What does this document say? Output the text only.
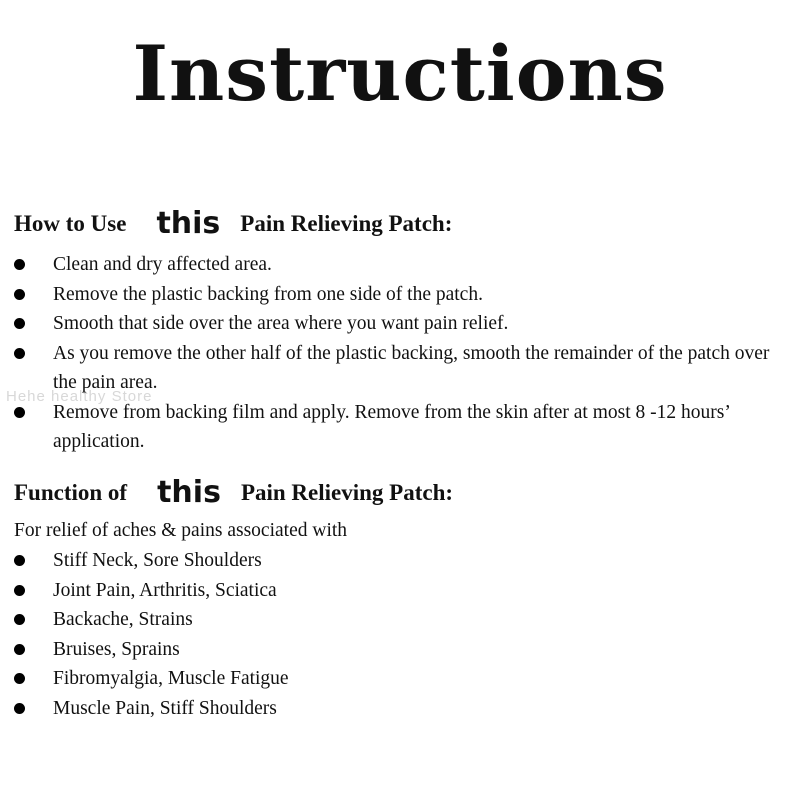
Instructions
How to Use this Pain Relieving Patch:
Hehe healthy Store
Clean and dry affected area.
Remove the plastic backing from one side of the patch.
Smooth that side over the area where you want pain relief.
As you remove the other half of the plastic backing, smooth the remainder of the patch over the pain area.
Remove from backing film and apply. Remove from the skin after at most 8 -12 hours’ application.
Function of this Pain Relieving Patch:
For relief of aches & pains associated with
Stiff Neck, Sore Shoulders
Joint Pain, Arthritis, Sciatica
Backache, Strains
Bruises, Sprains
Fibromyalgia, Muscle Fatigue
Muscle Pain, Stiff Shoulders
